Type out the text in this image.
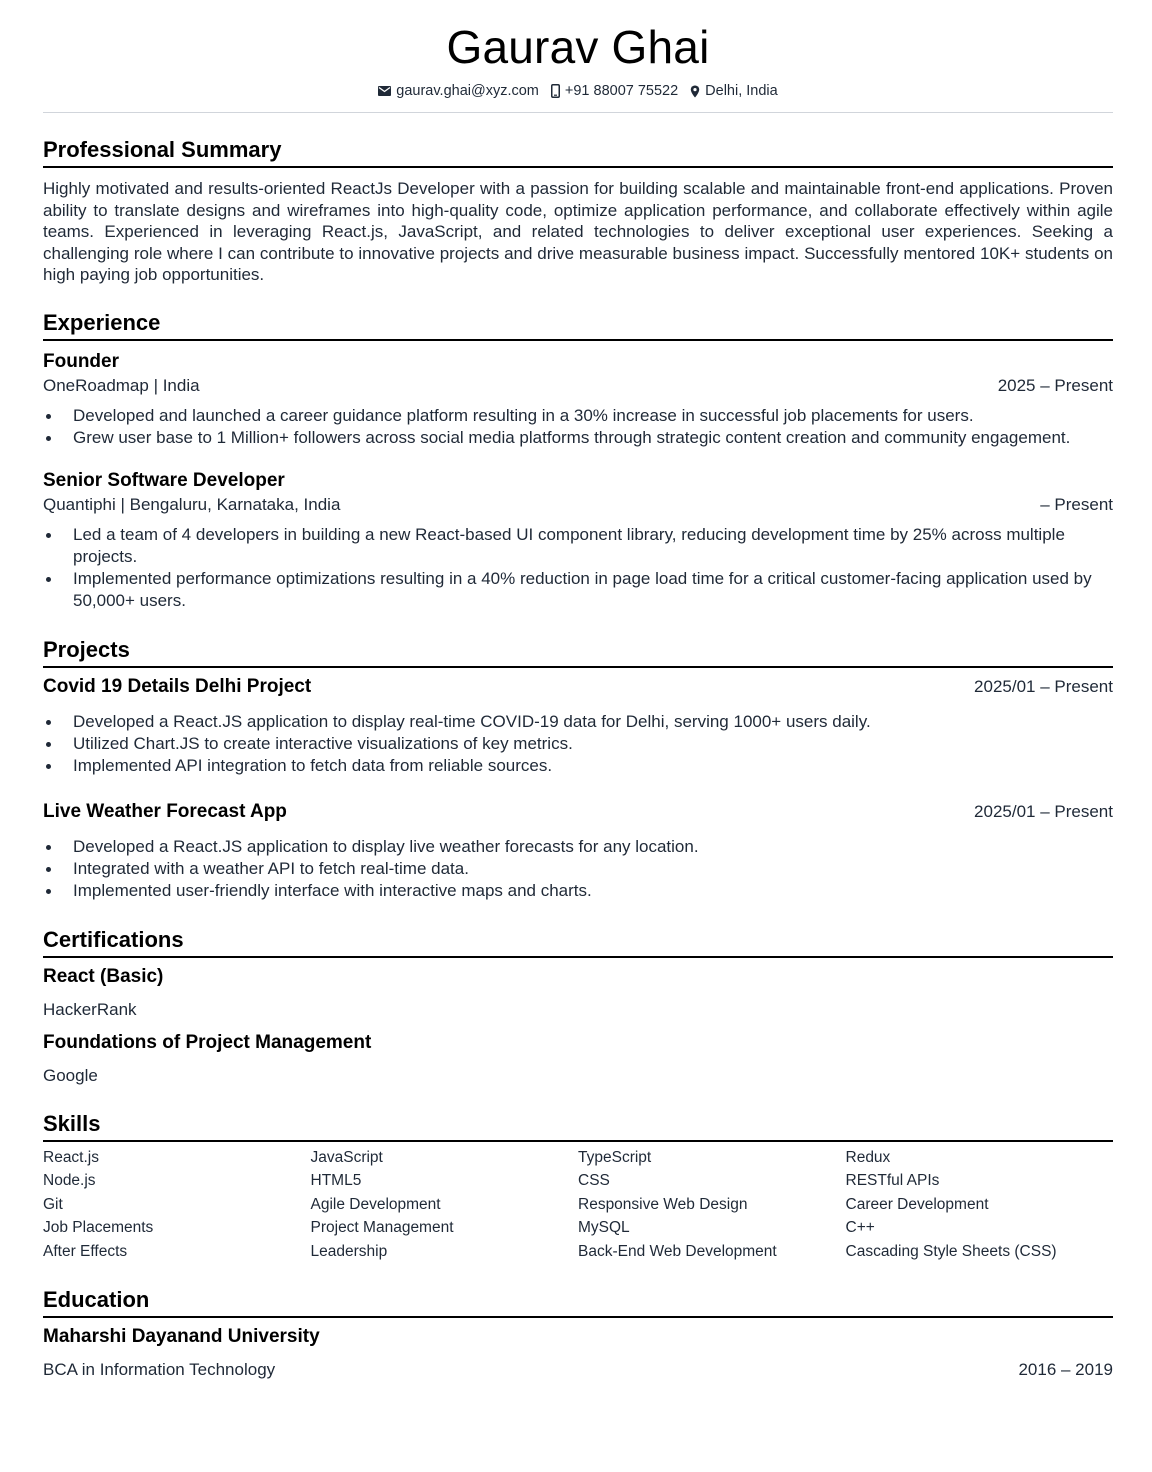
Gaurav Ghai
gaurav.ghai@xyz.com +91 88007 75522 Delhi, India
Professional Summary
Highly motivated and results-oriented ReactJs Developer with a passion for building scalable and maintainable front-end applications. Proven ability to translate designs and wireframes into high-quality code, optimize application performance, and collaborate effectively within agile teams. Experienced in leveraging React.js, JavaScript, and related technologies to deliver exceptional user experiences. Seeking a challenging role where I can contribute to innovative projects and drive measurable business impact. Successfully mentored 10K+ students on high paying job opportunities.
Experience
Founder
OneRoadmap | India	2025 – Present
Developed and launched a career guidance platform resulting in a 30% increase in successful job placements for users.
Grew user base to 1 Million+ followers across social media platforms through strategic content creation and community engagement.
Senior Software Developer
Quantiphi | Bengaluru, Karnataka, India	– Present
Led a team of 4 developers in building a new React-based UI component library, reducing development time by 25% across multiple projects.
Implemented performance optimizations resulting in a 40% reduction in page load time for a critical customer-facing application used by 50,000+ users.
Projects
Covid 19 Details Delhi Project	2025/01 – Present
Developed a React.JS application to display real-time COVID-19 data for Delhi, serving 1000+ users daily.
Utilized Chart.JS to create interactive visualizations of key metrics.
Implemented API integration to fetch data from reliable sources.
Live Weather Forecast App	2025/01 – Present
Developed a React.JS application to display live weather forecasts for any location.
Integrated with a weather API to fetch real-time data.
Implemented user-friendly interface with interactive maps and charts.
Certifications
React (Basic)
HackerRank
Foundations of Project Management
Google
Skills
React.js	JavaScript	TypeScript	Redux
Node.js	HTML5	CSS	RESTful APIs
Git	Agile Development	Responsive Web Design	Career Development
Job Placements	Project Management	MySQL	C++
After Effects	Leadership	Back-End Web Development	Cascading Style Sheets (CSS)
Education
Maharshi Dayanand University
BCA in Information Technology	2016 – 2019
